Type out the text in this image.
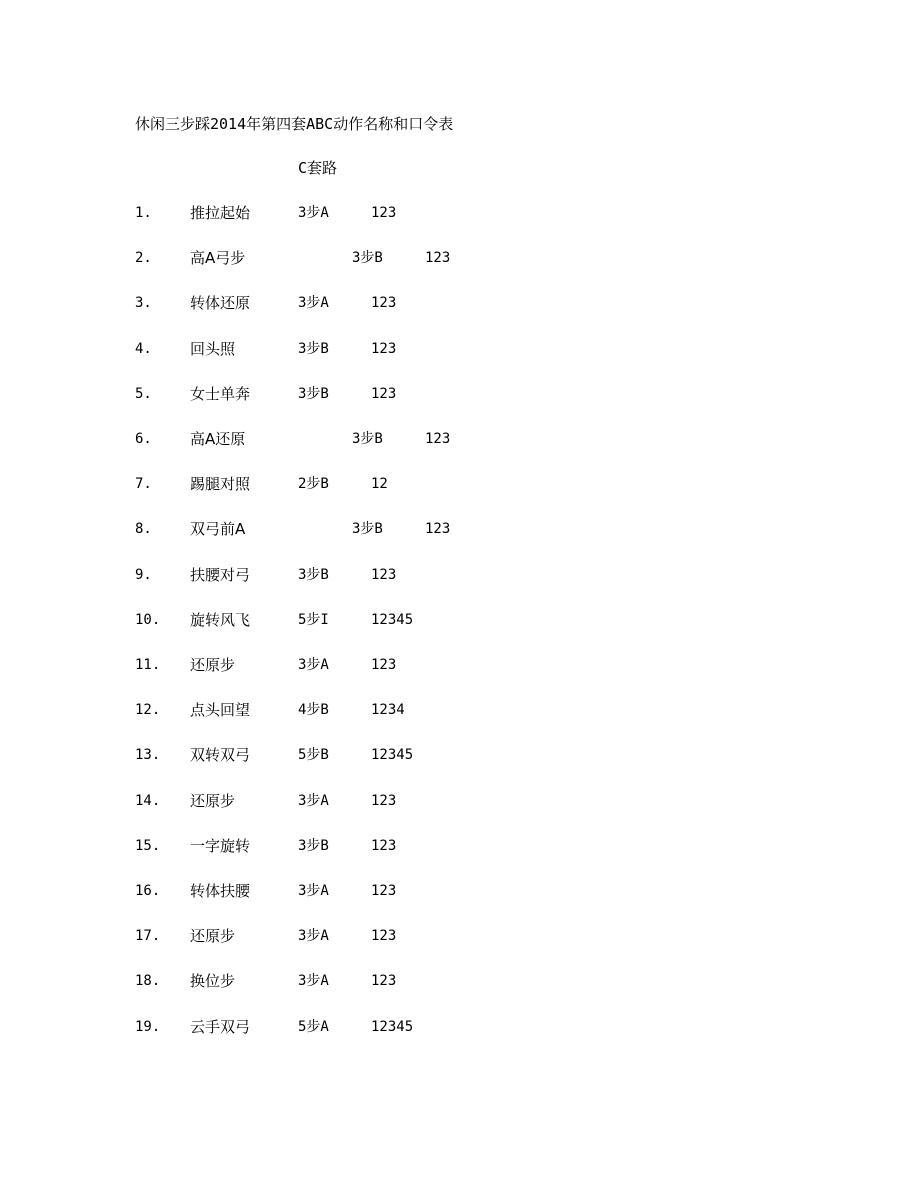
休闲三步踩2014年第四套ABC动作名称和口令表
C套路
1.	推拉起始	3步A	123
2.	高A弓步	3步B	123
3.	转体还原	3步A	123
4.	回头照	3步B	123
5.	女士单奔	3步B	123
6.	高A还原	3步B	123
7.	踢腿对照	2步B	12
8.	双弓前A	3步B	123
9.	扶腰对弓	3步B	123
10. 旋转风飞	5步I	12345
11. 还原步	3步A	123
12. 点头回望	4步B	1234
13. 双转双弓	5步B	12345
14. 还原步	3步A	123
15. 一字旋转	3步B	123
16. 转体扶腰	3步A	123
17. 还原步	3步A	123
18. 换位步	3步A	123
19. 云手双弓	5步A	12345
